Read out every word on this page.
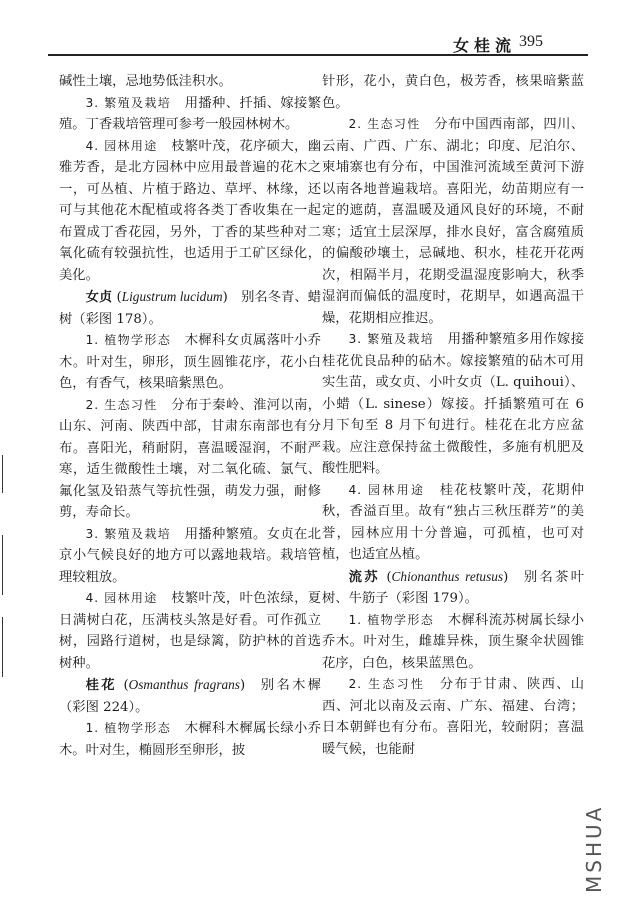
女桂流 395

碱性土壤，忌地势低洼积水。

3. 繁殖及栽培  用播种、扦插、嫁接繁殖。丁香栽培管理可参考一般园林树木。

4. 园林用途  枝繁叶茂，花序硕大，幽雅芳香，是北方园林中应用最普遍的花木之一，可丛植、片植于路边、草坪、林缘，还可与其他花木配植或将各类丁香收集在一起布置成丁香花园，另外，丁香的某些种对二氧化硫有较强抗性，也适用于工矿区绿化，美化。

女贞 (Ligustrum lucidum) 别名冬青、蜡树（彩图 178）。

1. 植物学形态  木樨科女贞属落叶小乔木。叶对生，卵形，顶生圆锥花序，花小白色，有香气，核果暗紫黑色。

2. 生态习性  分布于秦岭、淮河以南，山东、河南、陕西中部，甘肃东南部也有分布。喜阳光，稍耐阴，喜温暖湿润，不耐严寒，适生微酸性土壤，对二氧化硫、氯气、氟化氢及铅蒸气等抗性强，萌发力强，耐修剪，寿命长。

3. 繁殖及栽培  用播种繁殖。女贞在北京小气候良好的地方可以露地栽培。栽培管理较粗放。

4. 园林用途  枝繁叶茂，叶色浓绿，夏日满树白花，压满枝头煞是好看。可作孤立树，园路行道树，也是绿篱，防护林的首选树种。

桂花 (Osmanthus fragrans) 别名木樨（彩图 224）。

1. 植物学形态  木樨科木樨属长绿小乔木。叶对生，椭圆形至卵形，披

针形，花小，黄白色，极芳香，核果暗紫蓝色。

2. 生态习性  分布中国西南部，四川、云南、广西、广东、湖北；印度、尼泊尔、柬埔寨也有分布，中国淮河流域至黄河下游以南各地普遍栽培。喜阳光，幼苗期应有一定的遮荫，喜温暖及通风良好的环境，不耐寒；适宜土层深厚，排水良好，富含腐殖质的偏酸砂壤土，忌碱地、积水，桂花开花两次，相隔半月，花期受温湿度影响大，秋季湿润而偏低的温度时，花期早，如遇高温干燥，花期相应推迟。

3. 繁殖及栽培  用播种繁殖多用作嫁接桂花优良品种的砧木。嫁接繁殖的砧木可用实生苗，或女贞、小叶女贞（L. quihoui）、小蜡（L. sinese）嫁接。扦插繁殖可在 6 月下旬至 8 月下旬进行。桂花在北方应盆栽。应注意保持盆土微酸性，多施有机肥及酸性肥料。

4. 园林用途  桂花枝繁叶茂，花期仲秋，香溢百里。故有“独占三秋压群芳”的美誉，园林应用十分普遍，可孤植，也可对植，也适宜丛植。

流苏 (Chionanthus retusus) 别名茶叶树、牛筋子（彩图 179）。

1. 植物学形态  木樨科流苏树属长绿小乔木。叶对生，雌雄异株，顶生聚伞状圆锥花序，白色，核果蓝黑色。

2. 生态习性  分布于甘肃、陕西、山西、河北以南及云南、广东、福建、台湾；日本朝鲜也有分布。喜阳光，较耐阴；喜温暖气候，也能耐

MSHUA
